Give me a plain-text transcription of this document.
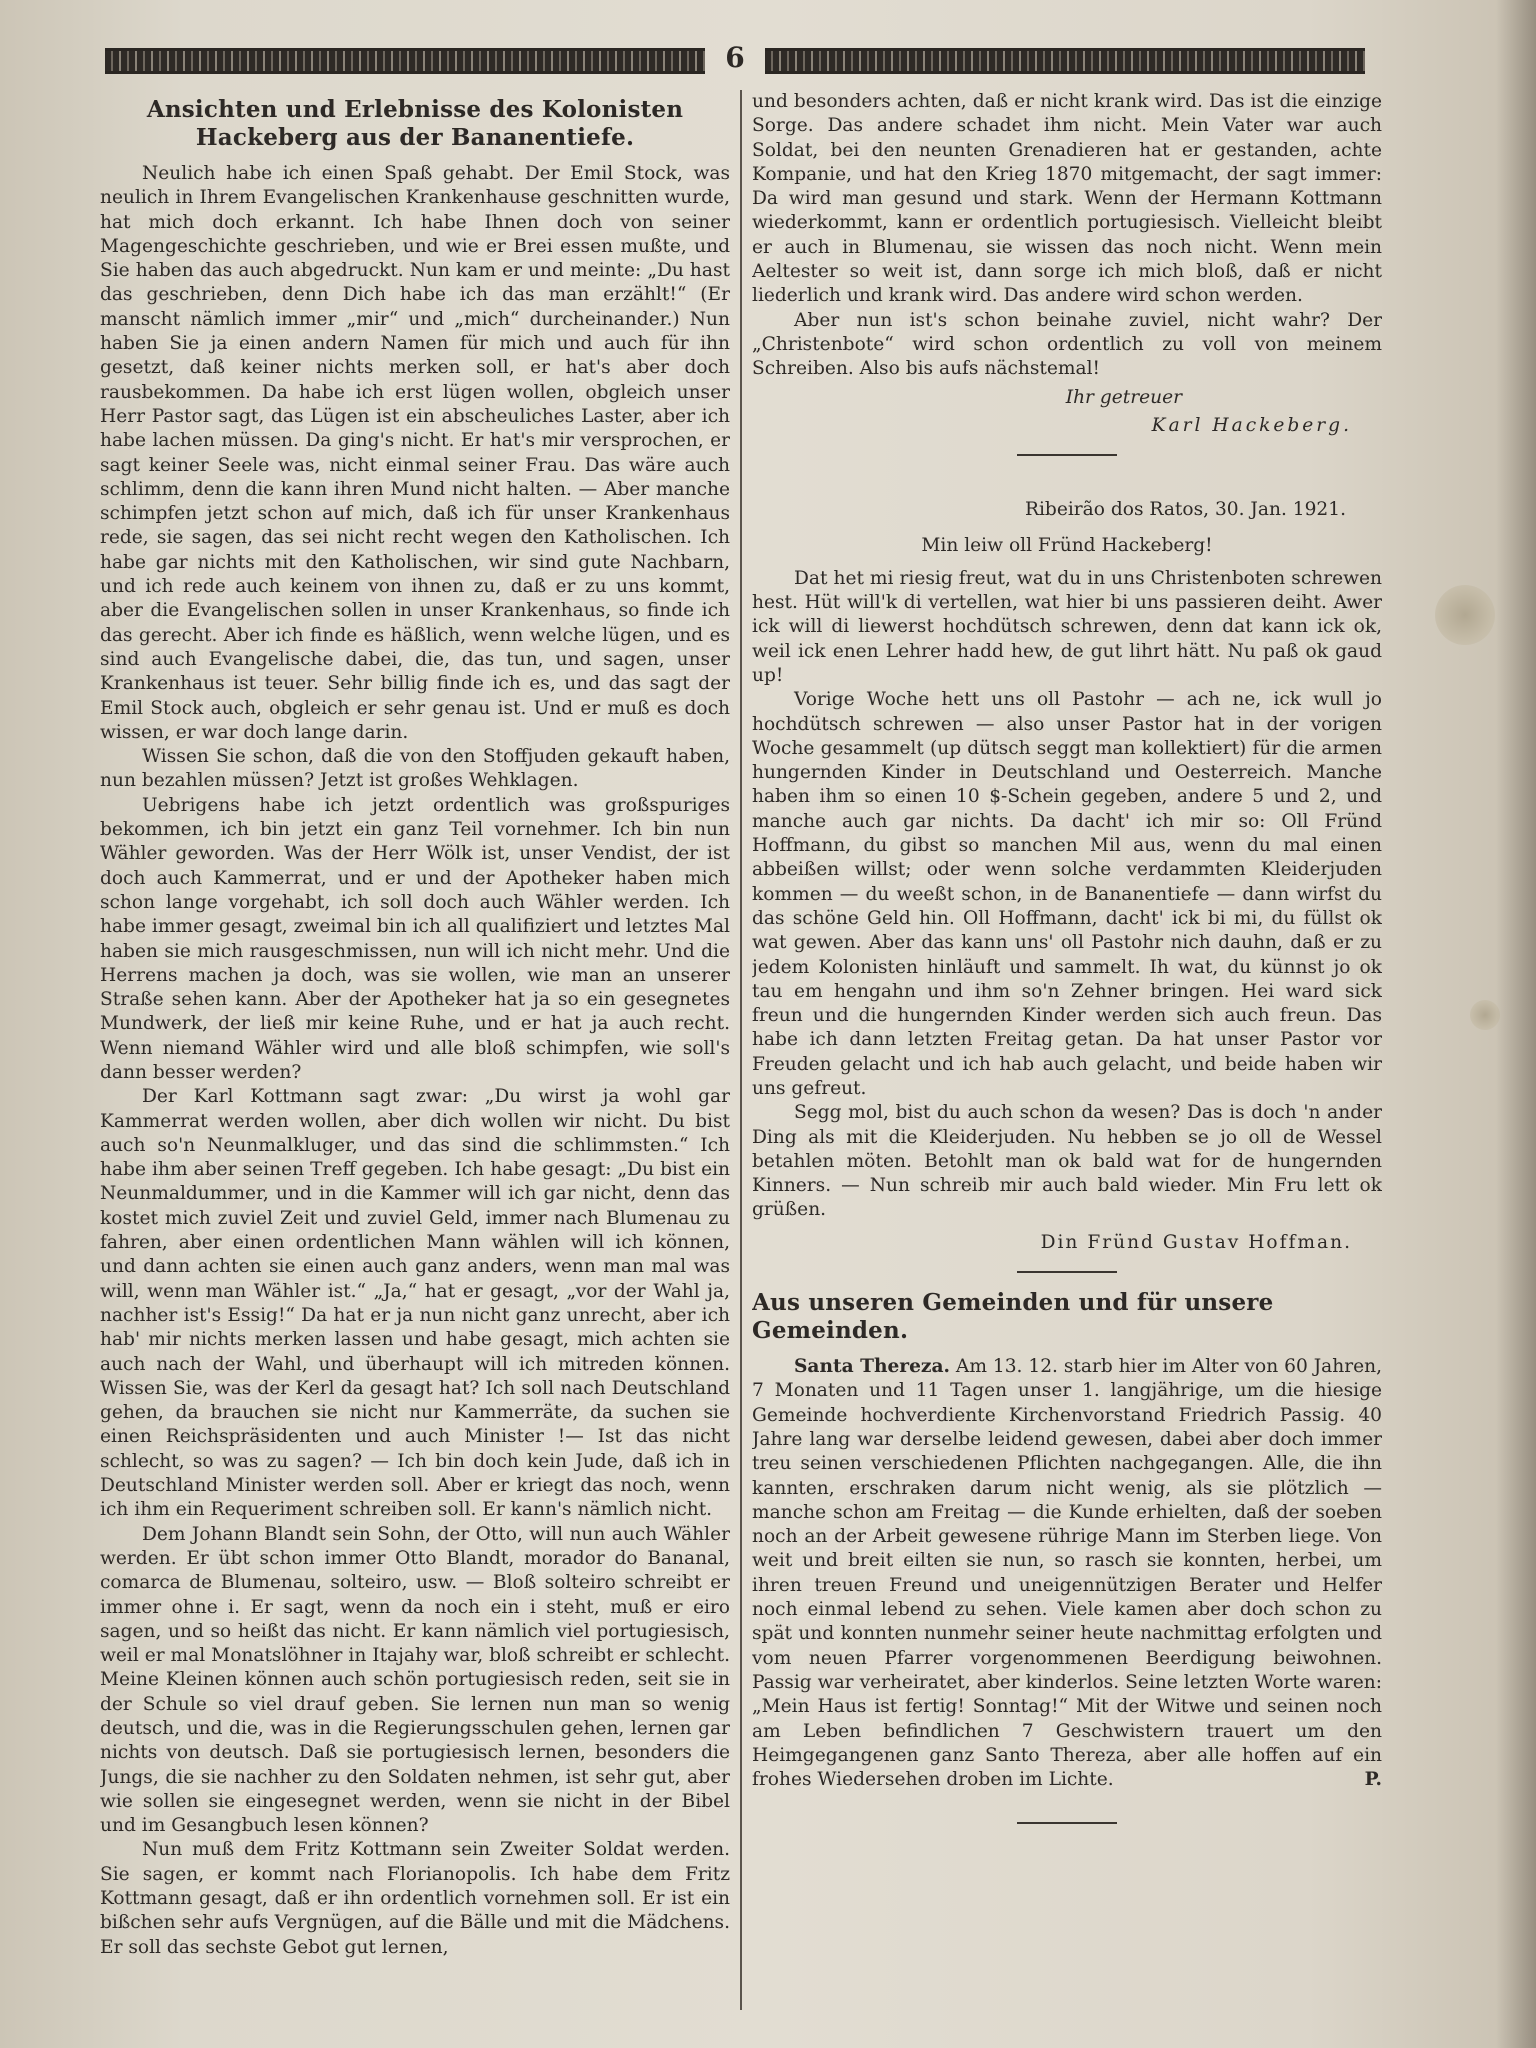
6
Ansichten und Erlebnisse des Kolonisten Hackeberg aus der Bananentiefe.

Neulich habe ich einen Spaß gehabt. Der Emil Stock, was neulich in Ihrem Evangelischen Krankenhause geschnitten wurde, hat mich doch erkannt. Ich habe Ihnen doch von seiner Magengeschichte geschrieben, und wie er Brei essen mußte, und Sie haben das auch abgedruckt. Nun kam er und meinte: „Du hast das geschrieben, denn Dich habe ich das man erzählt!“ (Er manscht nämlich immer „mir“ und „mich“ durcheinander.) Nun haben Sie ja einen andern Namen für mich und auch für ihn gesetzt, daß keiner nichts merken soll, er hat's aber doch rausbekommen. Da habe ich erst lügen wollen, obgleich unser Herr Pastor sagt, das Lügen ist ein abscheuliches Laster, aber ich habe lachen müssen. Da ging's nicht. Er hat's mir versprochen, er sagt keiner Seele was, nicht einmal seiner Frau. Das wäre auch schlimm, denn die kann ihren Mund nicht halten. — Aber manche schimpfen jetzt schon auf mich, daß ich für unser Krankenhaus rede, sie sagen, das sei nicht recht wegen den Katholischen. Ich habe gar nichts mit den Katholischen, wir sind gute Nachbarn, und ich rede auch keinem von ihnen zu, daß er zu uns kommt, aber die Evangelischen sollen in unser Krankenhaus, so finde ich das gerecht. Aber ich finde es häßlich, wenn welche lügen, und es sind auch Evangelische dabei, die, das tun, und sagen, unser Krankenhaus ist teuer. Sehr billig finde ich es, und das sagt der Emil Stock auch, obgleich er sehr genau ist. Und er muß es doch wissen, er war doch lange darin.

Wissen Sie schon, daß die von den Stoffjuden gekauft haben, nun bezahlen müssen? Jetzt ist großes Wehklagen.

Uebrigens habe ich jetzt ordentlich was großspuriges bekommen, ich bin jetzt ein ganz Teil vornehmer. Ich bin nun Wähler geworden. Was der Herr Wölk ist, unser Vendist, der ist doch auch Kammerrat, und er und der Apotheker haben mich schon lange vorgehabt, ich soll doch auch Wähler werden. Ich habe immer gesagt, zweimal bin ich all qualifiziert und letztes Mal haben sie mich rausgeschmissen, nun will ich nicht mehr. Und die Herrens machen ja doch, was sie wollen, wie man an unserer Straße sehen kann. Aber der Apotheker hat ja so ein gesegnetes Mundwerk, der ließ mir keine Ruhe, und er hat ja auch recht. Wenn niemand Wähler wird und alle bloß schimpfen, wie soll's dann besser werden?

Der Karl Kottmann sagt zwar: „Du wirst ja wohl gar Kammerrat werden wollen, aber dich wollen wir nicht. Du bist auch so'n Neunmalkluger, und das sind die schlimmsten.“ Ich habe ihm aber seinen Treff gegeben. Ich habe gesagt: „Du bist ein Neunmaldummer, und in die Kammer will ich gar nicht, denn das kostet mich zuviel Zeit und zuviel Geld, immer nach Blumenau zu fahren, aber einen ordentlichen Mann wählen will ich können, und dann achten sie einen auch ganz anders, wenn man mal was will, wenn man Wähler ist.“ „Ja,“ hat er gesagt, „vor der Wahl ja, nachher ist's Essig!“ Da hat er ja nun nicht ganz unrecht, aber ich hab' mir nichts merken lassen und habe gesagt, mich achten sie auch nach der Wahl, und überhaupt will ich mitreden können. Wissen Sie, was der Kerl da gesagt hat? Ich soll nach Deutschland gehen, da brauchen sie nicht nur Kammerräte, da suchen sie einen Reichspräsidenten und auch Minister !— Ist das nicht schlecht, so was zu sagen? — Ich bin doch kein Jude, daß ich in Deutschland Minister werden soll. Aber er kriegt das noch, wenn ich ihm ein Requeriment schreiben soll. Er kann's nämlich nicht.

Dem Johann Blandt sein Sohn, der Otto, will nun auch Wähler werden. Er übt schon immer Otto Blandt, morador do Bananal, comarca de Blumenau, solteiro, usw. — Bloß solteiro schreibt er immer ohne i. Er sagt, wenn da noch ein i steht, muß er eiro sagen, und so heißt das nicht. Er kann nämlich viel portugiesisch, weil er mal Monatslöhner in Itajahy war, bloß schreibt er schlecht. Meine Kleinen können auch schön portugiesisch reden, seit sie in der Schule so viel drauf geben. Sie lernen nun man so wenig deutsch, und die, was in die Regierungsschulen gehen, lernen gar nichts von deutsch. Daß sie portugiesisch lernen, besonders die Jungs, die sie nachher zu den Soldaten nehmen, ist sehr gut, aber wie sollen sie eingesegnet werden, wenn sie nicht in der Bibel und im Gesangbuch lesen können?

Nun muß dem Fritz Kottmann sein Zweiter Soldat werden. Sie sagen, er kommt nach Florianopolis. Ich habe dem Fritz Kottmann gesagt, daß er ihn ordentlich vornehmen soll. Er ist ein bißchen sehr aufs Vergnügen, auf die Bälle und mit die Mädchens. Er soll das sechste Gebot gut lernen,

und besonders achten, daß er nicht krank wird. Das ist die einzige Sorge. Das andere schadet ihm nicht. Mein Vater war auch Soldat, bei den neunten Grenadieren hat er gestanden, achte Kompanie, und hat den Krieg 1870 mitgemacht, der sagt immer: Da wird man gesund und stark. Wenn der Hermann Kottmann wiederkommt, kann er ordentlich portugiesisch. Vielleicht bleibt er auch in Blumenau, sie wissen das noch nicht. Wenn mein Aeltester so weit ist, dann sorge ich mich bloß, daß er nicht liederlich und krank wird. Das andere wird schon werden.

Aber nun ist's schon beinahe zuviel, nicht wahr? Der „Christenbote“ wird schon ordentlich zu voll von meinem Schreiben. Also bis aufs nächstemal!

Ihr getreuer
Karl Hackeberg.
Ribeirão dos Ratos, 30. Jan. 1921.
Min leiw oll Fründ Hackeberg!

Dat het mi riesig freut, wat du in uns Christenboten schrewen hest. Hüt will'k di vertellen, wat hier bi uns passieren deiht. Awer ick will di liewerst hochdütsch schrewen, denn dat kann ick ok, weil ick enen Lehrer hadd hew, de gut lihrt hätt. Nu paß ok gaud up!

Vorige Woche hett uns oll Pastohr — ach ne, ick wull jo hochdütsch schrewen — also unser Pastor hat in der vorigen Woche gesammelt (up dütsch seggt man kollektiert) für die armen hungernden Kinder in Deutschland und Oesterreich. Manche haben ihm so einen 10 $-Schein gegeben, andere 5 und 2, und manche auch gar nichts. Da dacht' ich mir so: Oll Fründ Hoffmann, du gibst so manchen Mil aus, wenn du mal einen abbeißen willst; oder wenn solche verdammten Kleiderjuden kommen — du weeßt schon, in de Bananentiefe — dann wirfst du das schöne Geld hin. Oll Hoffmann, dacht' ick bi mi, du füllst ok wat gewen. Aber das kann uns' oll Pastohr nich dauhn, daß er zu jedem Kolonisten hinläuft und sammelt. Ih wat, du künnst jo ok tau em hengahn und ihm so'n Zehner bringen. Hei ward sick freun und die hungernden Kinder werden sich auch freun. Das habe ich dann letzten Freitag getan. Da hat unser Pastor vor Freuden gelacht und ich hab auch gelacht, und beide haben wir uns gefreut.

Segg mol, bist du auch schon da wesen? Das is doch 'n ander Ding als mit die Kleiderjuden. Nu hebben se jo oll de Wessel betahlen möten. Betohlt man ok bald wat for de hungernden Kinners. — Nun schreib mir auch bald wieder. Min Fru lett ok grüßen.

Din Fründ Gustav Hoffman.
Aus unseren Gemeinden und für unsere Gemeinden.

Santa Thereza. Am 13. 12. starb hier im Alter von 60 Jahren, 7 Monaten und 11 Tagen unser 1. langjährige, um die hiesige Gemeinde hochverdiente Kirchenvorstand Friedrich Passig. 40 Jahre lang war derselbe leidend gewesen, dabei aber doch immer treu seinen verschiedenen Pflichten nachgegangen. Alle, die ihn kannten, erschraken darum nicht wenig, als sie plötzlich — manche schon am Freitag — die Kunde erhielten, daß der soeben noch an der Arbeit gewesene rührige Mann im Sterben liege. Von weit und breit eilten sie nun, so rasch sie konnten, herbei, um ihren treuen Freund und uneigennützigen Berater und Helfer noch einmal lebend zu sehen. Viele kamen aber doch schon zu spät und konnten nunmehr seiner heute nachmittag erfolgten und vom neuen Pfarrer vorgenommenen Beerdigung beiwohnen. Passig war verheiratet, aber kinderlos. Seine letzten Worte waren: „Mein Haus ist fertig! Sonntag!“ Mit der Witwe und seinen noch am Leben befindlichen 7 Geschwistern trauert um den Heimgegangenen ganz Santo Thereza, aber alle hoffen auf ein frohes Wiedersehen droben im Lichte.	P.
